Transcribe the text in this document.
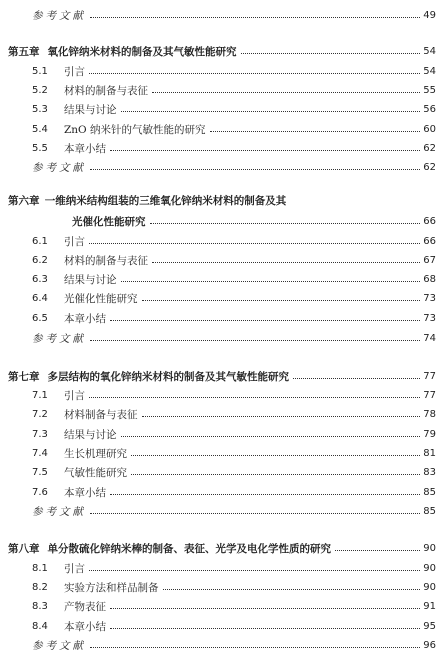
参考文献	49
第五章 氧化锌纳米材料的制备及其气敏性能研究	54
5.1	引言	54
5.2	材料的制备与表征	55
5.3	结果与讨论	56
5.4	ZnO 纳米针的气敏性能的研究	60
5.5	本章小结	62
参考文献	62
第六章  一维纳米结构组装的三维氧化锌纳米材料的制备及其
光催化性能研究	66
6.1	引言	66
6.2	材料的制备与表征	67
6.3	结果与讨论	68
6.4	光催化性能研究	73
6.5	本章小结	73
参考文献	74
第七章 多层结构的氧化锌纳米材料的制备及其气敏性能研究	77
7.1	引言	77
7.2	材料制备与表征	78
7.3	结果与讨论	79
7.4	生长机理研究	81
7.5	气敏性能研究	83
7.6	本章小结	85
参考文献	85
第八章 单分散硫化锌纳米棒的制备、表征、光学及电化学性质的研究	90
8.1	引言	90
8.2	实验方法和样品制备	90
8.3	产物表征	91
8.4	本章小结	95
参考文献	96
